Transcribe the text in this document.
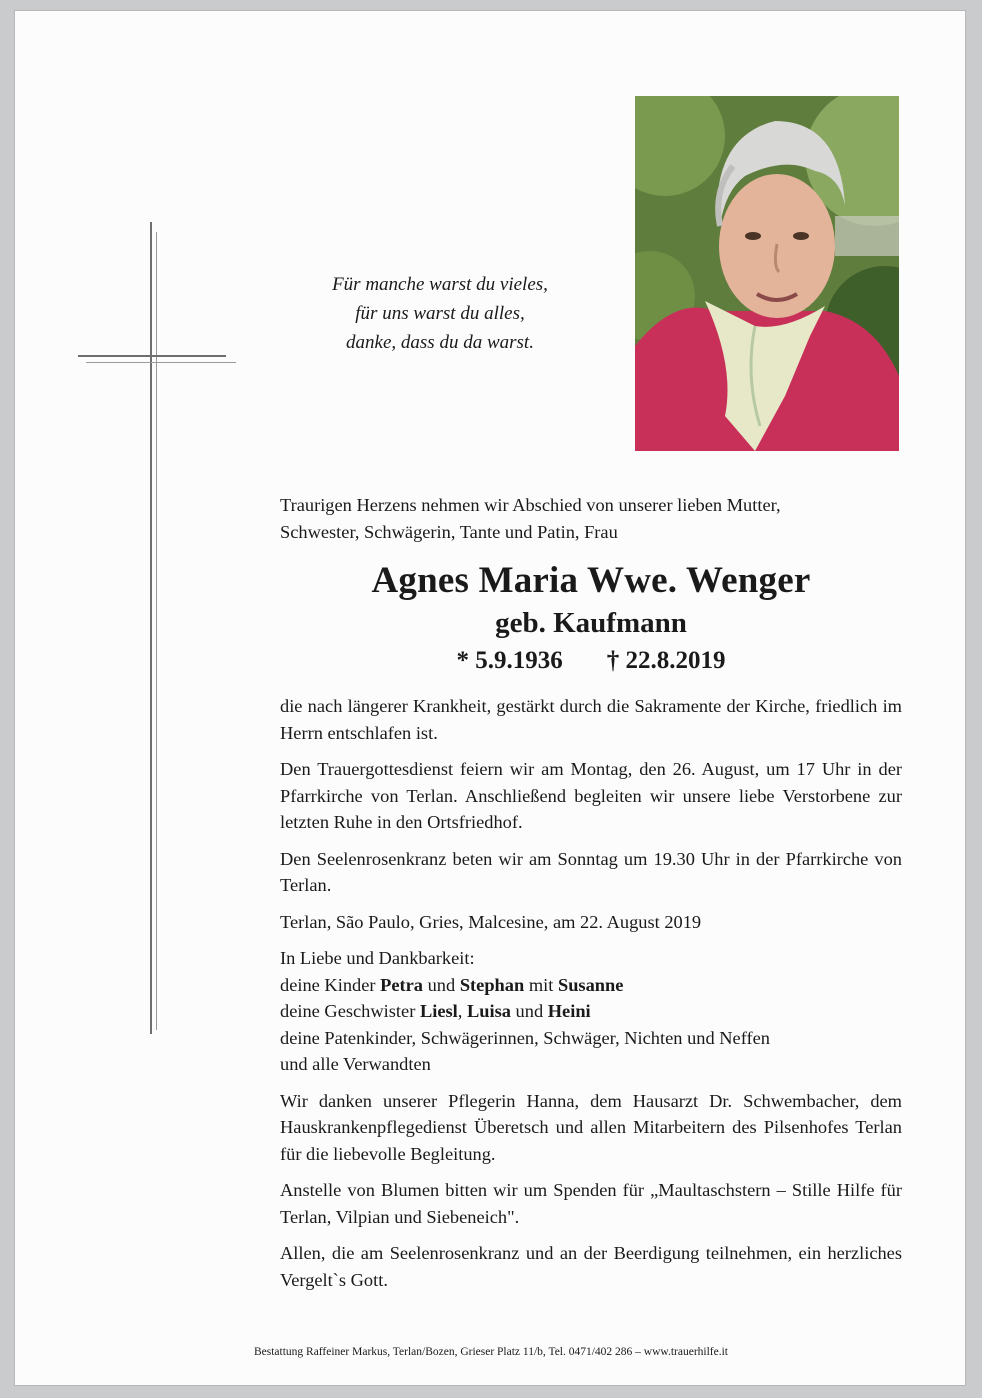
Für manche warst du vieles,
für uns warst du alles,
danke, dass du da warst.

Traurigen Herzens nehmen wir Abschied von unserer lieben Mutter,
Schwester, Schwägerin, Tante und Patin, Frau

Agnes Maria Wwe. Wenger
geb. Kaufmann
* 5.9.1936 † 22.8.2019

die nach längerer Krankheit, gestärkt durch die Sakramente der Kirche, friedlich im Herrn entschlafen ist.

Den Trauergottesdienst feiern wir am Montag, den 26. August, um 17 Uhr in der Pfarrkirche von Terlan. Anschließend begleiten wir unsere liebe Verstorbene zur letzten Ruhe in den Ortsfriedhof.

Den Seelenrosenkranz beten wir am Sonntag um 19.30 Uhr in der Pfarrkirche von Terlan.

Terlan, São Paulo, Gries, Malcesine, am 22. August 2019

In Liebe und Dankbarkeit:
deine Kinder Petra und Stephan mit Susanne
deine Geschwister Liesl, Luisa und Heini
deine Patenkinder, Schwägerinnen, Schwäger, Nichten und Neffen
und alle Verwandten

Wir danken unserer Pflegerin Hanna, dem Hausarzt Dr. Schwembacher, dem Hauskrankenpflegedienst Überetsch und allen Mitarbeitern des Pilsenhofes Terlan für die liebevolle Begleitung.

Anstelle von Blumen bitten wir um Spenden für „Maultaschstern – Stille Hilfe für Terlan, Vilpian und Siebeneich".

Allen, die am Seelenrosenkranz und an der Beerdigung teilnehmen, ein herzliches Vergelt`s Gott.

Bestattung Raffeiner Markus, Terlan/Bozen, Grieser Platz 11/b, Tel. 0471/402 286 – www.trauerhilfe.it
